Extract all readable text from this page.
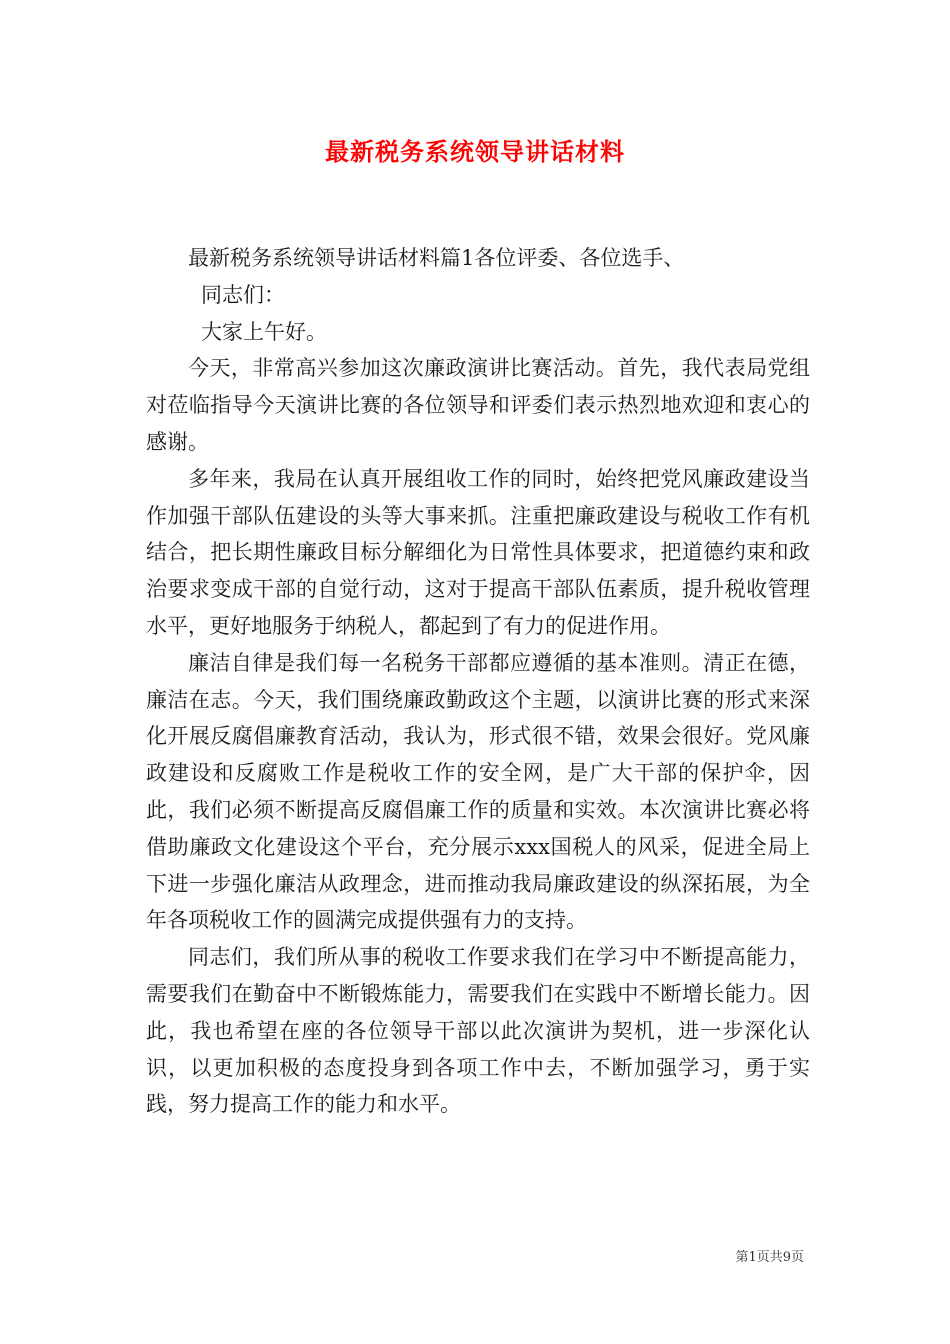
最新税务系统领导讲话材料

最新税务系统领导讲话材料篇1各位评委、各位选手、

同志们：

大家上午好。

今天，非常高兴参加这次廉政演讲比赛活动。首先，我代表局党组对莅临指导今天演讲比赛的各位领导和评委们表示热烈地欢迎和衷心的感谢。

多年来，我局在认真开展组收工作的同时，始终把党风廉政建设当作加强干部队伍建设的头等大事来抓。注重把廉政建设与税收工作有机结合，把长期性廉政目标分解细化为日常性具体要求，把道德约束和政治要求变成干部的自觉行动，这对于提高干部队伍素质，提升税收管理水平，更好地服务于纳税人，都起到了有力的促进作用。

廉洁自律是我们每一名税务干部都应遵循的基本准则。清正在德，廉洁在志。今天，我们围绕廉政勤政这个主题，以演讲比赛的形式来深化开展反腐倡廉教育活动，我认为，形式很不错，效果会很好。党风廉政建设和反腐败工作是税收工作的安全网，是广大干部的保护伞，因此，我们必须不断提高反腐倡廉工作的质量和实效。本次演讲比赛必将借助廉政文化建设这个平台，充分展示xxx国税人的风采，促进全局上下进一步强化廉洁从政理念，进而推动我局廉政建设的纵深拓展，为全年各项税收工作的圆满完成提供强有力的支持。

同志们，我们所从事的税收工作要求我们在学习中不断提高能力，需要我们在勤奋中不断锻炼能力，需要我们在实践中不断增长能力。因此，我也希望在座的各位领导干部以此次演讲为契机，进一步深化认识，以更加积极的态度投身到各项工作中去，不断加强学习，勇于实践，努力提高工作的能力和水平。

第1页共9页
